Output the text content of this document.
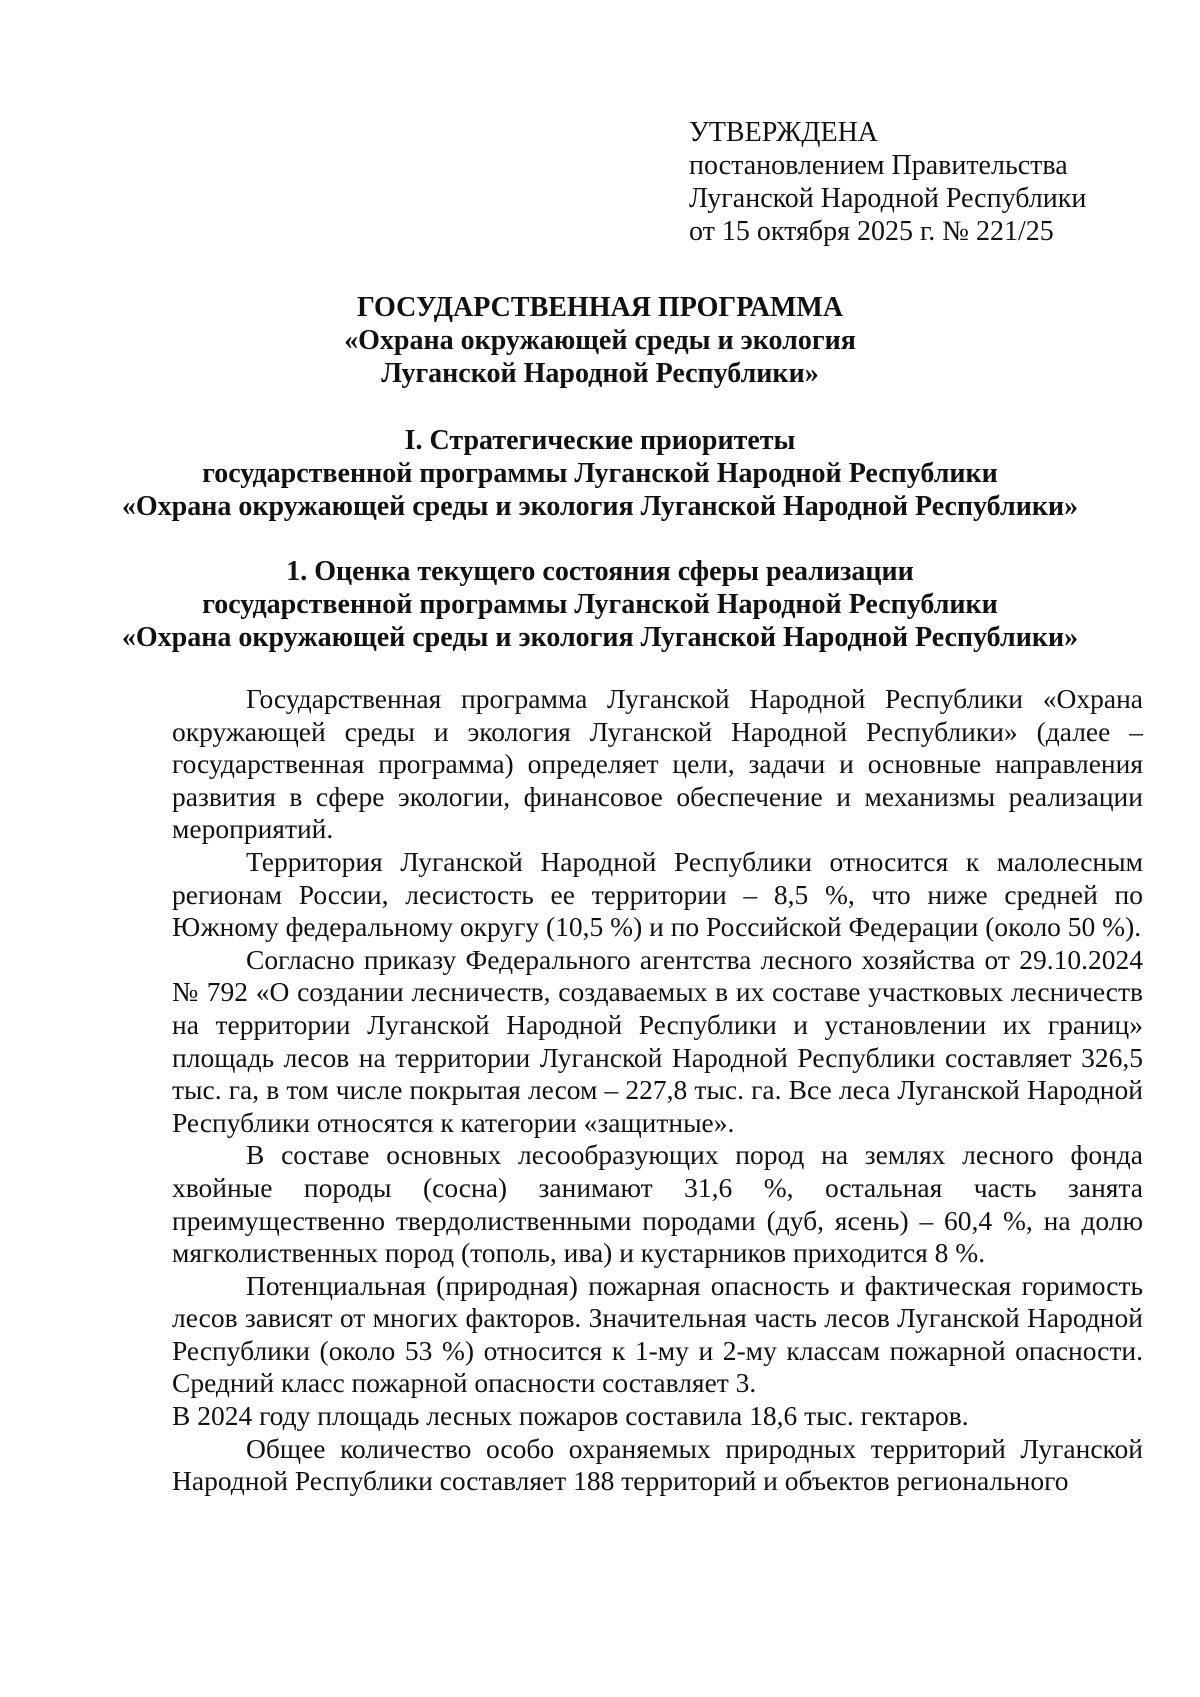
УТВЕРЖДЕНА
постановлением Правительства
Луганской Народной Республики
от 15 октября 2025 г. № 221/25
ГОСУДАРСТВЕННАЯ ПРОГРАММА
«Охрана окружающей среды и экология
Луганской Народной Республики»
I. Стратегические приоритеты
государственной программы Луганской Народной Республики
«Охрана окружающей среды и экология Луганской Народной Республики»
1. Оценка текущего состояния сферы реализации
государственной программы Луганской Народной Республики
«Охрана окружающей среды и экология Луганской Народной Республики»

Государственная программа Луганской Народной Республики «Охрана окружающей среды и экология Луганской Народной Республики» (далее – государственная программа) определяет цели, задачи и основные направления развития в сфере экологии, финансовое обеспечение и механизмы реализации мероприятий.

Территория Луганской Народной Республики относится к малолесным регионам России, лесистость ее территории – 8,5 %, что ниже средней по Южному федеральному округу (10,5 %) и по Российской Федерации (около 50 %).

Согласно приказу Федерального агентства лесного хозяйства от 29.10.2024 № 792 «О создании лесничеств, создаваемых в их составе участковых лесничеств на территории Луганской Народной Республики и установлении их границ» площадь лесов на территории Луганской Народной Республики составляет 326,5 тыс. га, в том числе покрытая лесом – 227,8 тыс. га. Все леса Луганской Народной Республики относятся к категории «защитные».

В составе основных лесообразующих пород на землях лесного фонда хвойные породы (сосна) занимают 31,6 %, остальная часть занята преимущественно твердолиственными породами (дуб, ясень) – 60,4 %, на долю мягколиственных пород (тополь, ива) и кустарников приходится 8 %.

Потенциальная (природная) пожарная опасность и фактическая горимость лесов зависят от многих факторов. Значительная часть лесов Луганской Народной Республики (около 53 %) относится к 1-му и 2-му классам пожарной опасности. Средний класс пожарной опасности составляет 3.

В 2024 году площадь лесных пожаров составила 18,6 тыс. гектаров.

Общее количество особо охраняемых природных территорий Луганской Народной Республики составляет 188 территорий и объектов регионального
